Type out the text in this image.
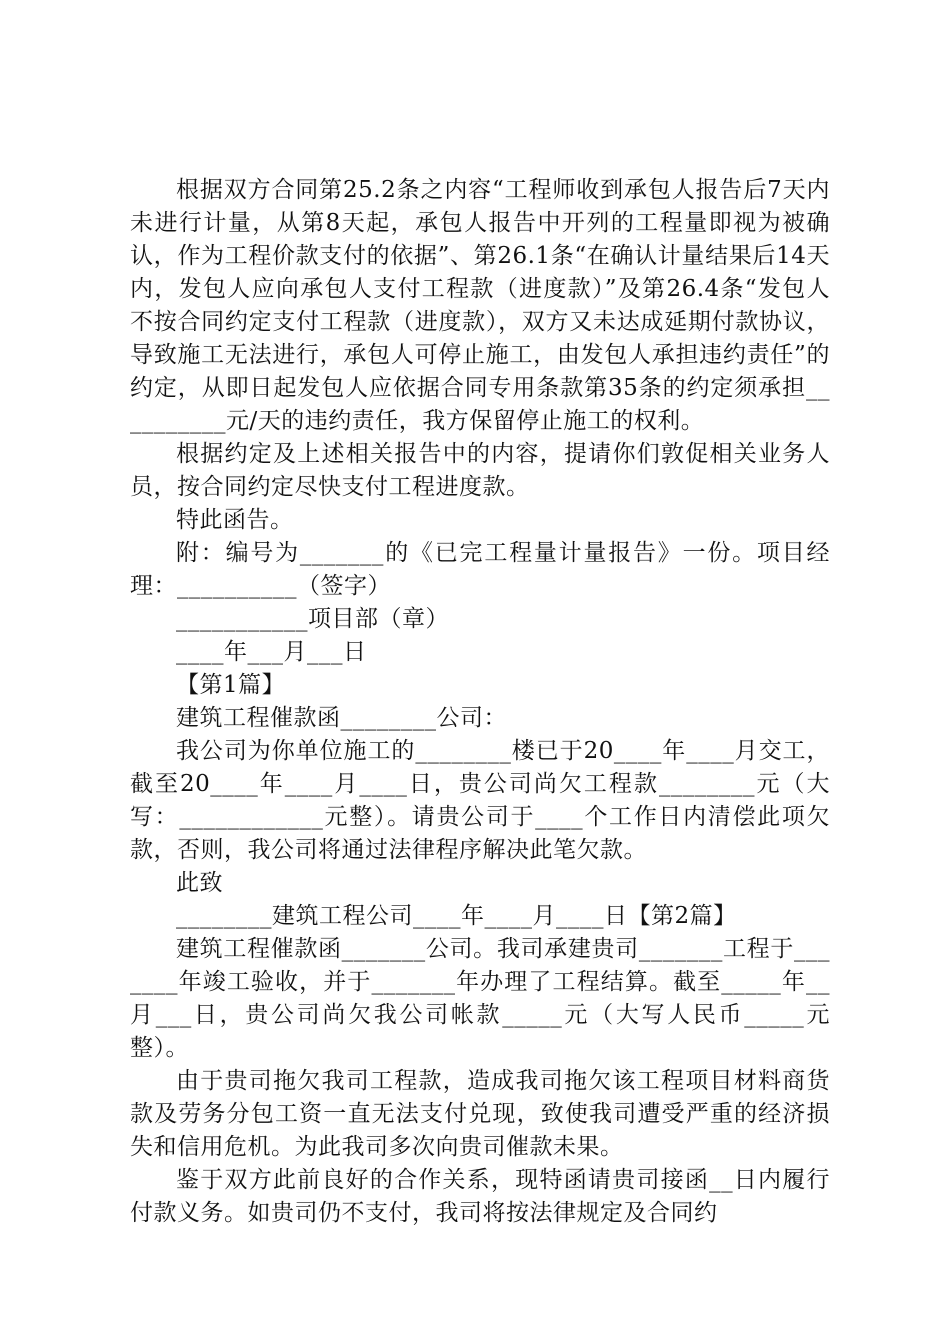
根据双方合同第25.2条之内容“工程师收到承包人报告后7天内未进行计量，从第8天起，承包人报告中开列的工程量即视为被确认，作为工程价款支付的依据”、第26.1条“在确认计量结果后14天内，发包人应向承包人支付工程款（进度款）”及第26.4条“发包人不按合同约定支付工程款（进度款），双方又未达成延期付款协议，导致施工无法进行，承包人可停止施工，由发包人承担违约责任”的约定，从即日起发包人应依据合同专用条款第35条的约定须承担__________元/天的违约责任，我方保留停止施工的权利。

根据约定及上述相关报告中的内容，提请你们敦促相关业务人员，按合同约定尽快支付工程进度款。

特此函告。

附：编号为_______的《已完工程量计量报告》一份。项目经理：__________（签字）

___________项目部（章）

____年___月___日

【第1篇】

建筑工程催款函________公司：

我公司为你单位施工的________楼已于20____年____月交工，截至20____年____月____日，贵公司尚欠工程款________元（大写：____________元整）。请贵公司于____个工作日内清偿此项欠款，否则，我公司将通过法律程序解决此笔欠款。

此致

________建筑工程公司____年____月____日【第2篇】

建筑工程催款函_______公司。我司承建贵司_______工程于_______年竣工验收，并于_______年办理了工程结算。截至_____年__月___日，贵公司尚欠我公司帐款_____元（大写人民币_____元整）。

由于贵司拖欠我司工程款，造成我司拖欠该工程项目材料商货款及劳务分包工资一直无法支付兑现，致使我司遭受严重的经济损失和信用危机。为此我司多次向贵司催款未果。

鉴于双方此前良好的合作关系，现特函请贵司接函__日内履行付款义务。如贵司仍不支付，我司将按法律规定及合同约
